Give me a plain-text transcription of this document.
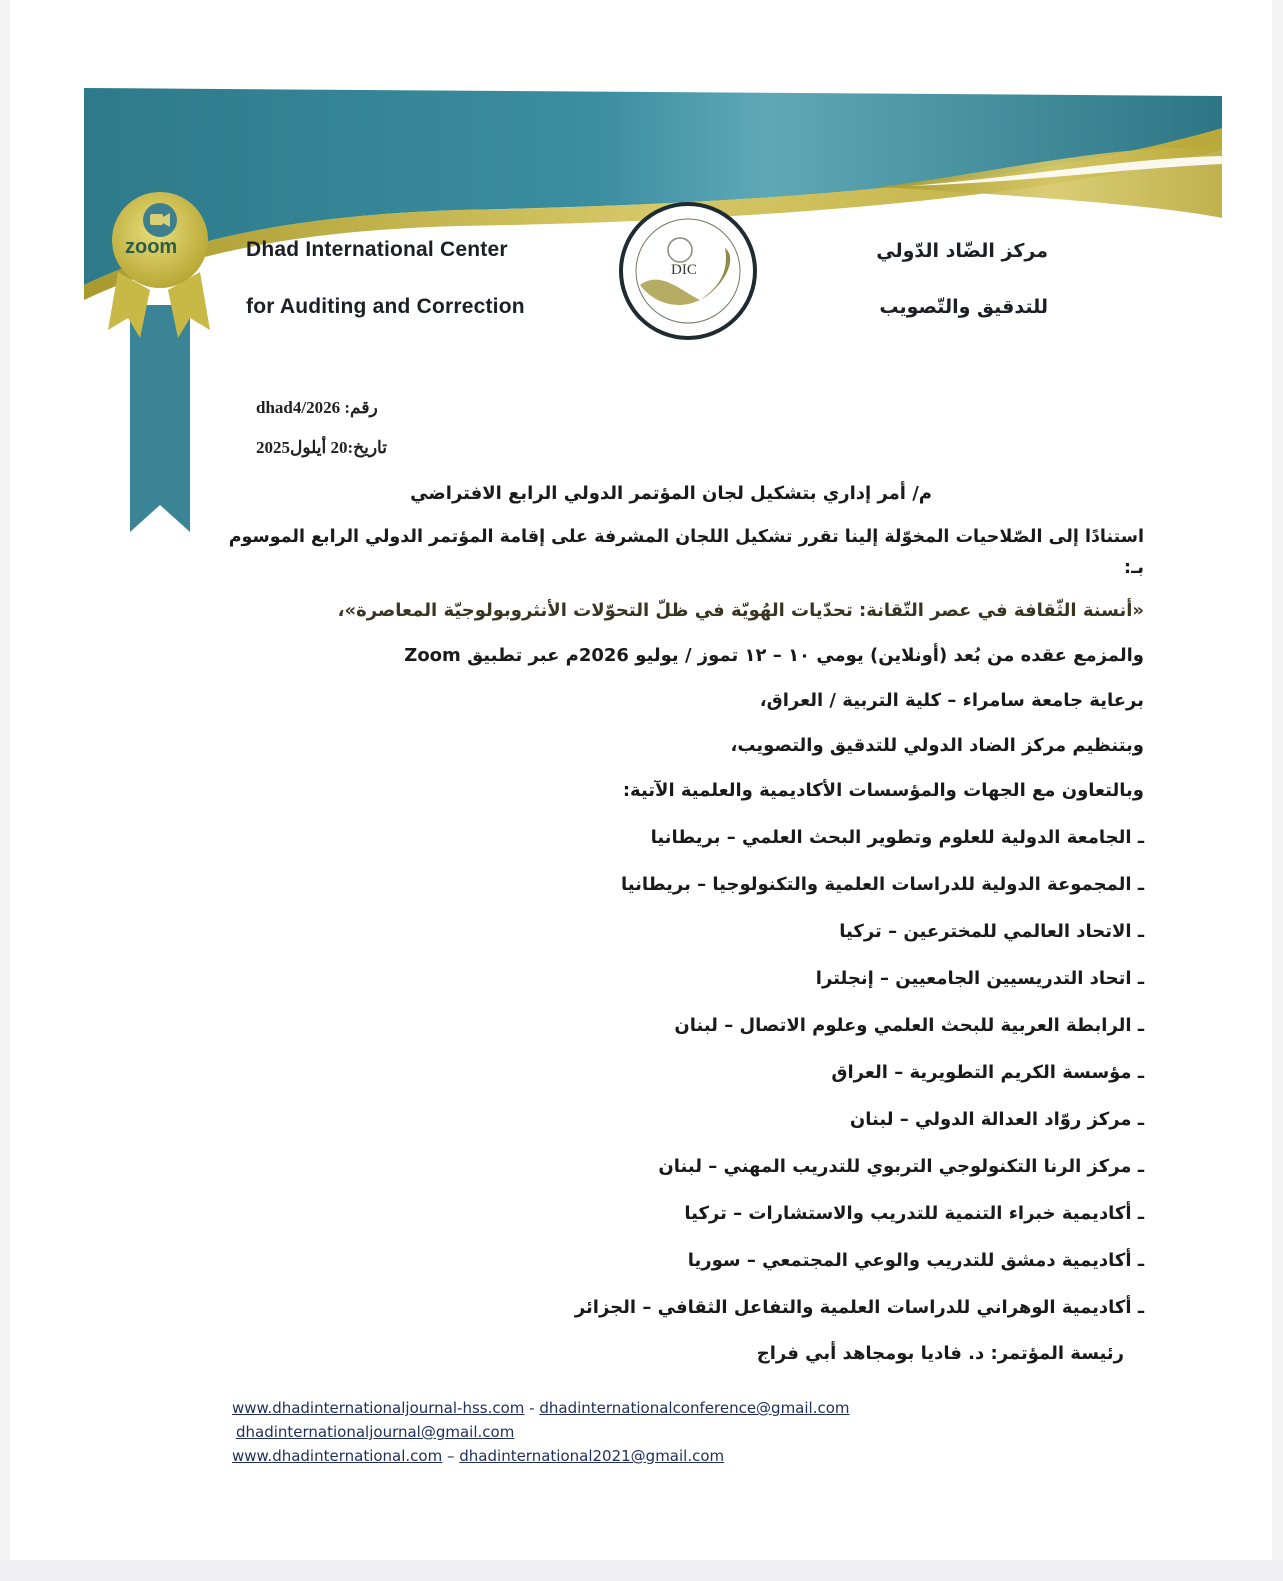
Dhad International Center
for Auditing and Correction
zoom
DIC
مركز الضّاد الدّولي
للتدقيق والتّصويب
رقم: dhad4/2026
تاريخ:20 أيلول2025
م/ أمر إداري بتشكيل لجان المؤتمر الدولي الرابع الافتراضي
استنادًا إلى الصّلاحيات المخوّلة إلينا تقرر تشكيل اللجان المشرفة على إقامة المؤتمر الدولي الرابع الموسوم
بـ:
«أنسنة الثّقافة في عصر التّقانة: تحدّيات الهُويّة في ظلّ التحوّلات الأنثروبولوجيّة المعاصرة»،
والمزمع عقده من بُعد (أونلاين) يومي ١٠ – ١٢ تموز / يوليو 2026م عبر تطبيق Zoom
برعاية جامعة سامراء – كلية التربية / العراق،
وبتنظيم مركز الضاد الدولي للتدقيق والتصويب،
وبالتعاون مع الجهات والمؤسسات الأكاديمية والعلمية الآتية:
ـ الجامعة الدولية للعلوم وتطوير البحث العلمي – بريطانيا
ـ المجموعة الدولية للدراسات العلمية والتكنولوجيا – بريطانيا
ـ الاتحاد العالمي للمخترعين – تركيا
ـ اتحاد التدريسيين الجامعيين – إنجلترا
ـ الرابطة العربية للبحث العلمي وعلوم الاتصال – لبنان
ـ مؤسسة الكريم التطويرية – العراق
ـ مركز روّاد العدالة الدولي – لبنان
ـ مركز الرنا التكنولوجي التربوي للتدريب المهني – لبنان
ـ أكاديمية خبراء التنمية للتدريب والاستشارات – تركيا
ـ أكاديمية دمشق للتدريب والوعي المجتمعي – سوريا
ـ أكاديمية الوهراني للدراسات العلمية والتفاعل الثقافي – الجزائر
رئيسة المؤتمر: د. فاديا بومجاهد أبي فراج
www.dhadinternationaljournal-hss.com - dhadinternationalconference@gmail.com
dhadinternationaljournal@gmail.com
www.dhadinternational.com – dhadinternational2021@gmail.com
